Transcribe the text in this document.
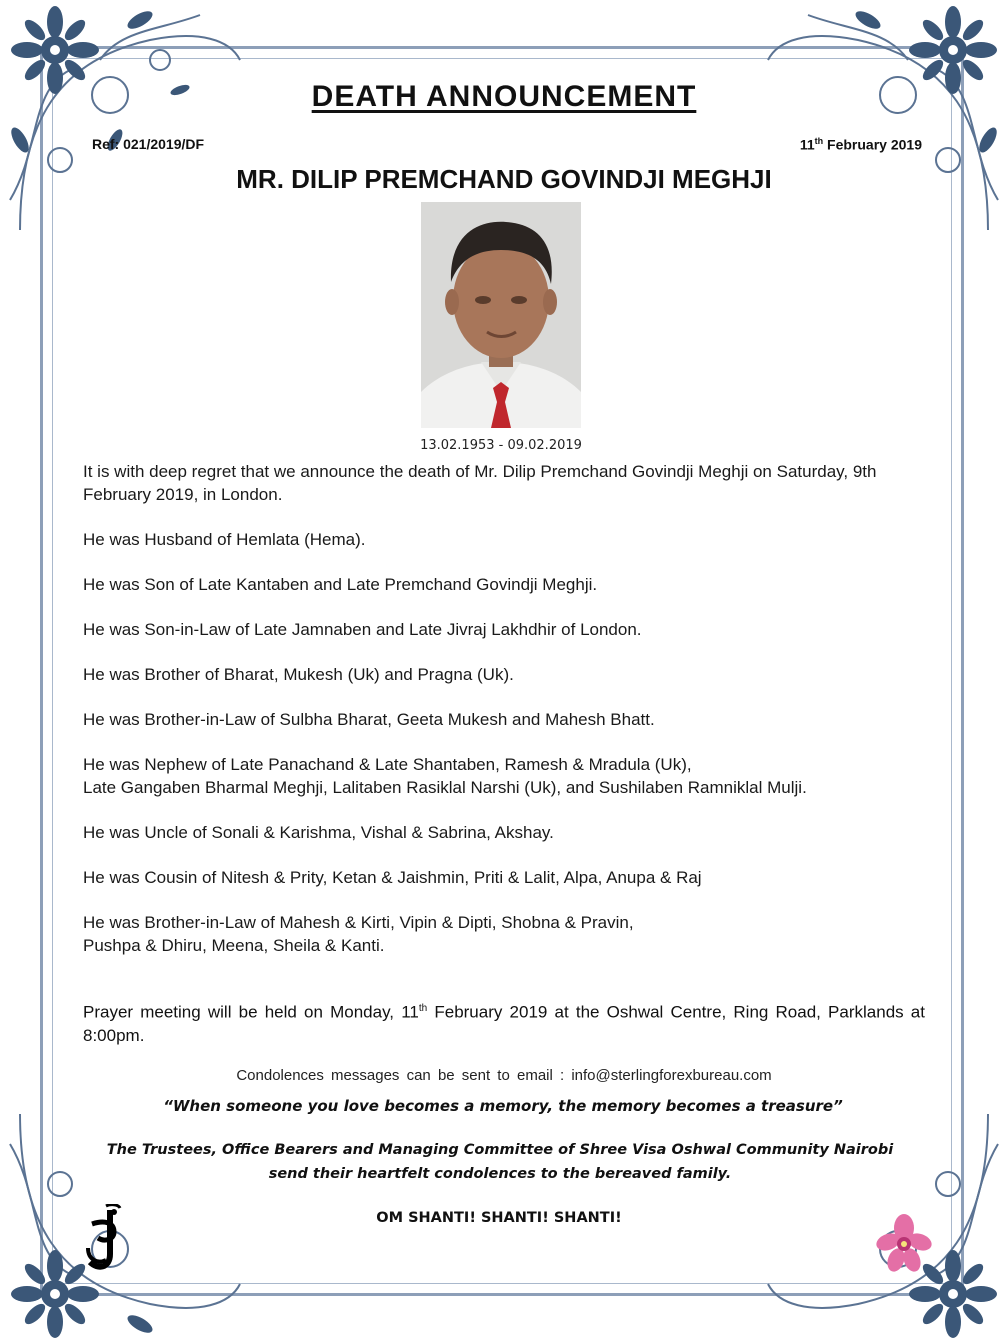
DEATH ANNOUNCEMENT
Ref: 021/2019/DF	11th February 2019
MR. DILIP PREMCHAND GOVINDJI MEGHJI
13.02.1953 - 09.02.2019

It is with deep regret that we announce the death of Mr. Dilip Premchand Govindji Meghji on Saturday, 9th February 2019, in London.

He was Husband of Hemlata (Hema).

He was Son of Late Kantaben and Late Premchand Govindji Meghji.

He was Son-in-Law of Late Jamnaben and Late Jivraj Lakhdhir of London.

He was Brother of Bharat, Mukesh (Uk) and Pragna (Uk).

He was Brother-in-Law of Sulbha Bharat, Geeta Mukesh and Mahesh Bhatt.

He was Nephew of Late Panachand & Late Shantaben, Ramesh & Mradula (Uk),
Late Gangaben Bharmal Meghji, Lalitaben Rasiklal Narshi (Uk), and Sushilaben Ramniklal Mulji.

He was Uncle of Sonali & Karishma, Vishal & Sabrina, Akshay.

He was Cousin of Nitesh & Prity, Ketan & Jaishmin, Priti & Lalit, Alpa, Anupa & Raj

He was Brother-in-Law of Mahesh & Kirti, Vipin & Dipti, Shobna & Pravin,
Pushpa & Dhiru, Meena, Sheila & Kanti.

Prayer meeting will be held on Monday, 11th February 2019 at the Oshwal Centre, Ring Road, Parklands at 8:00pm.
Condolences messages can be sent to email : info@sterlingforexbureau.com
“When someone you love becomes a memory, the memory becomes a treasure”
The Trustees, Office Bearers and Managing Committee of Shree Visa Oshwal Community Nairobi
send their heartfelt condolences to the bereaved family.
OM SHANTI! SHANTI! SHANTI!
